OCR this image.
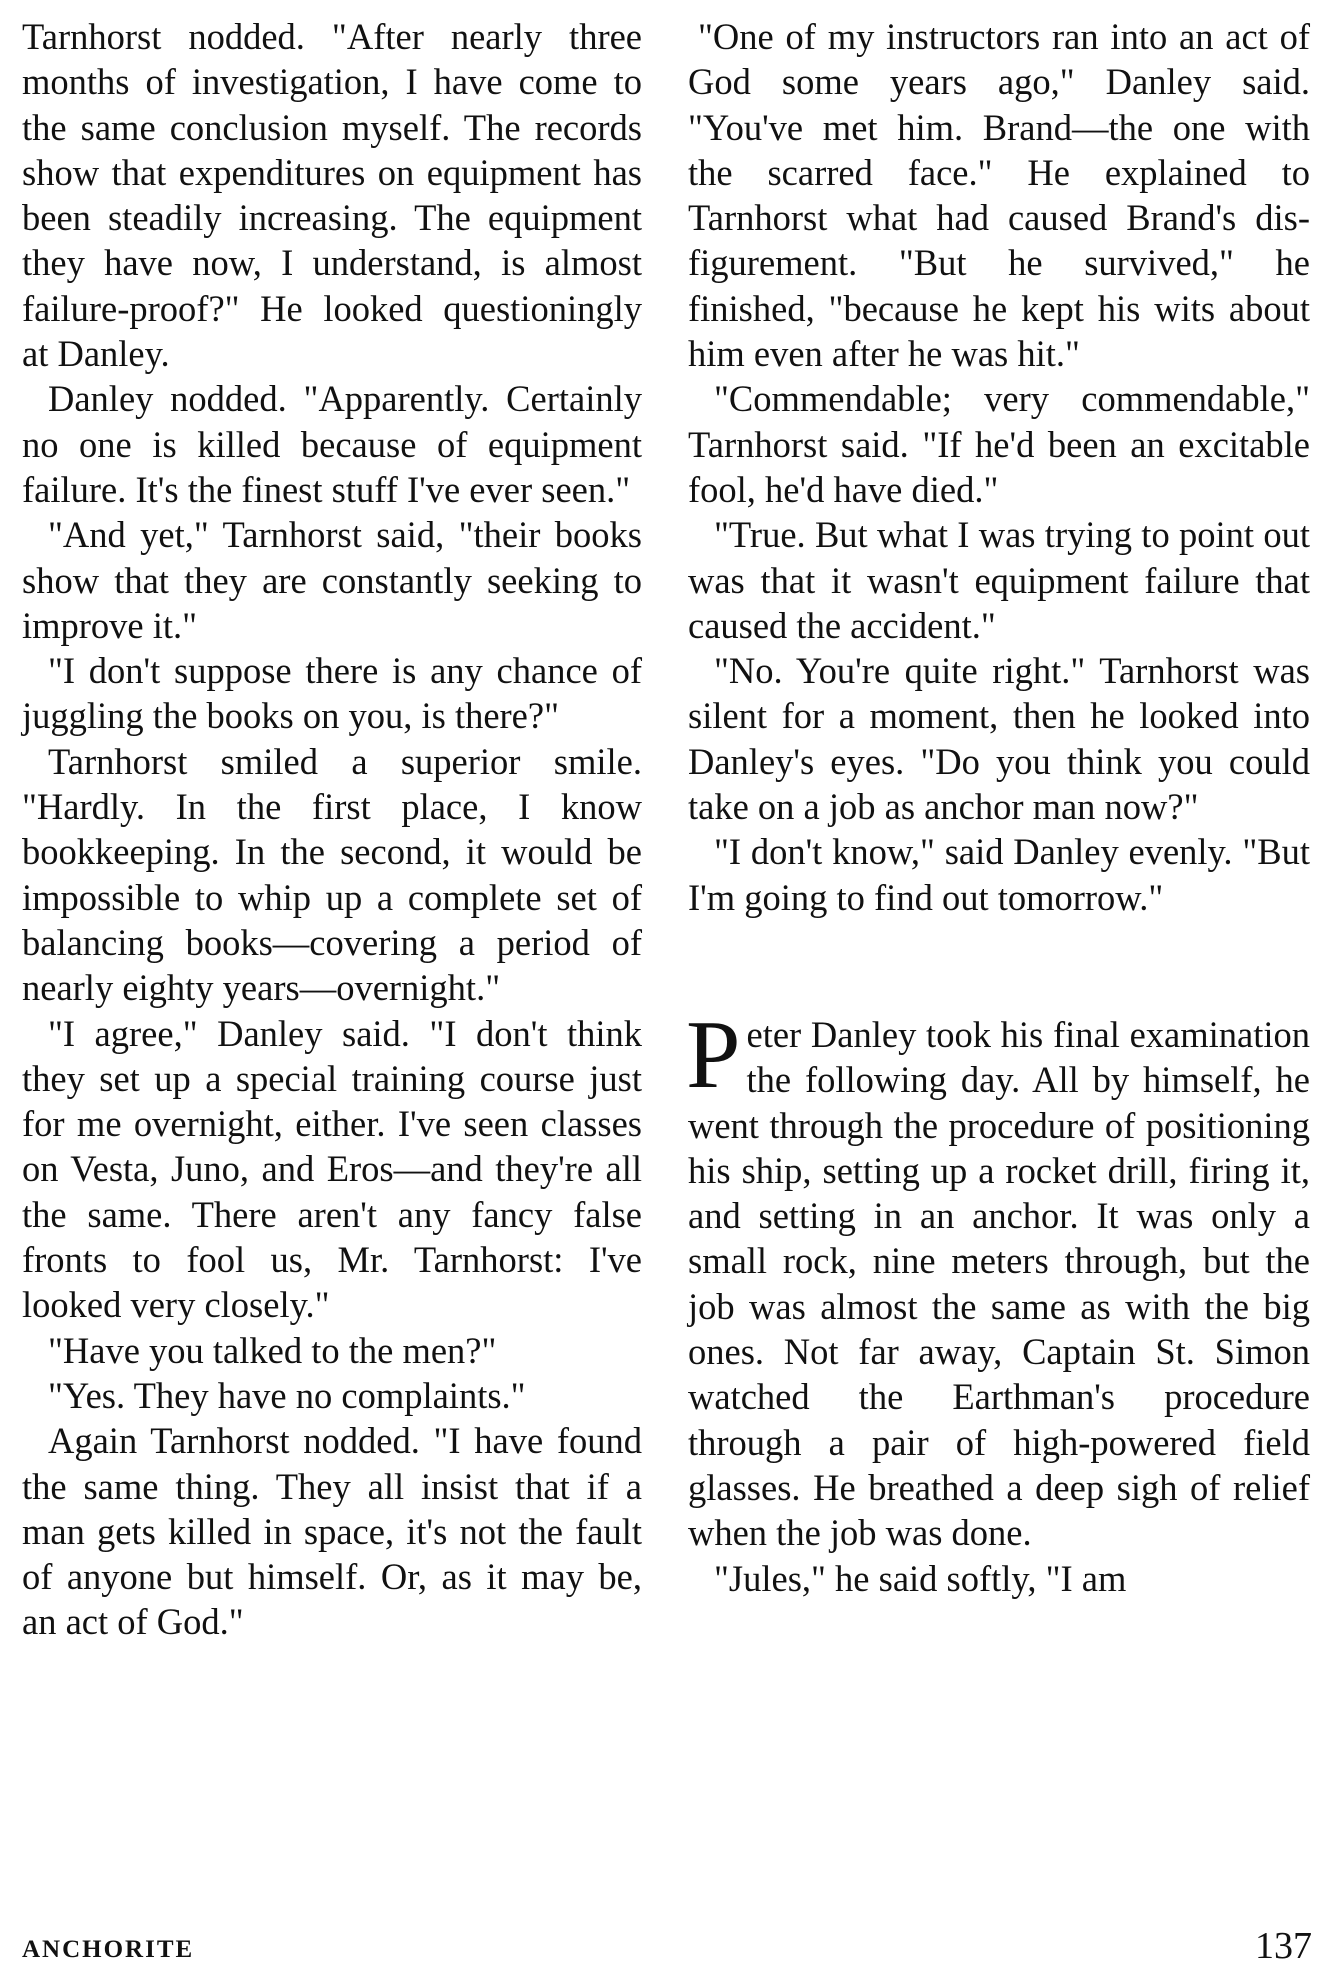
Tarnhorst nodded. "After nearly three months of investigation, I have come to the same conclusion myself. The records show that expenditures on equipment has been steadily increasing. The equipment they have now, I understand, is almost failure-proof?" He looked questioningly at Danley.

Danley nodded. "Apparently. Certainly no one is killed because of equipment failure. It's the finest stuff I've ever seen."

"And yet," Tarnhorst said, "their books show that they are constantly seeking to improve it."

"I don't suppose there is any chance of juggling the books on you, is there?"

Tarnhorst smiled a superior smile. "Hardly. In the first place, I know bookkeeping. In the second, it would be impossible to whip up a complete set of balancing books—covering a period of nearly eighty years—overnight."

"I agree," Danley said. "I don't think they set up a special training course just for me overnight, either. I've seen classes on Vesta, Juno, and Eros—and they're all the same. There aren't any fancy false fronts to fool us, Mr. Tarnhorst: I've looked very closely."

"Have you talked to the men?"

"Yes. They have no complaints."

Again Tarnhorst nodded. "I have found the same thing. They all insist that if a man gets killed in space, it's not the fault of anyone but himself. Or, as it may be, an act of God."

"One of my instructors ran into an act of God some years ago," Danley said. "You've met him. Brand—the one with the scarred face." He explained to Tarnhorst what had caused Brand's disfigurement. "But he survived," he finished, "because he kept his wits about him even after he was hit."

"Commendable; very commendable," Tarnhorst said. "If he'd been an excitable fool, he'd have died."

"True. But what I was trying to point out was that it wasn't equipment failure that caused the accident."

"No. You're quite right." Tarnhorst was silent for a moment, then he looked into Danley's eyes. "Do you think you could take on a job as anchor man now?"

"I don't know," said Danley evenly. "But I'm going to find out tomorrow."

Peter Danley took his final examination the following day. All by himself, he went through the procedure of positioning his ship, setting up a rocket drill, firing it, and setting in an anchor. It was only a small rock, nine meters through, but the job was almost the same as with the big ones. Not far away, Captain St. Simon watched the Earthman's procedure through a pair of high-powered field glasses. He breathed a deep sigh of relief when the job was done.

"Jules," he said softly, "I am

ANCHORITE	137
